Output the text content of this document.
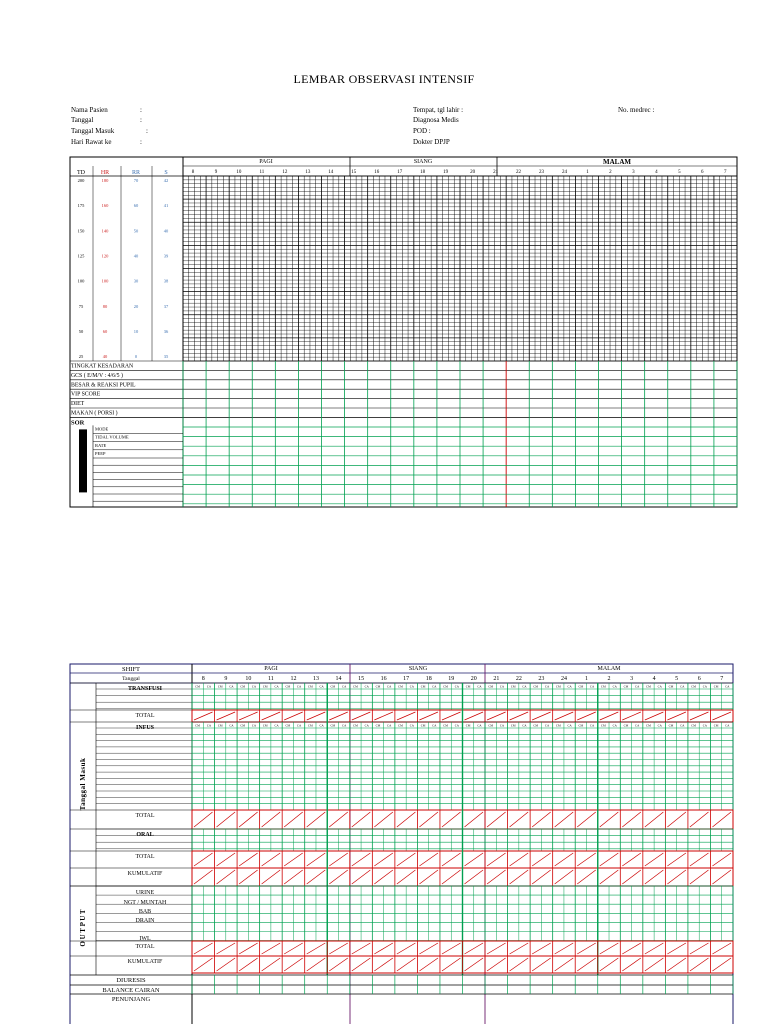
LEMBAR OBSERVASI INTENSIF
Nama Pasien	:
Tanggal	:
Tanggal Masuk	:
Hari Rawat ke	:
Tempat, tgl lahir :
Diagnosa Medis
POD :
Dokter DPJP
No. medrec :
PAGI	SIANG	MALAM
8	9	10	11	12	13	14	15	16	17	18	19	20	21	22	23	24	1	2	3	4	5	6	7
TD	HR	RR	S
200	180	70	42
175	160	60	41
150	140	50	40
125	120	40	39
100	100	30	38
75	80	20	37
50	60	10	36
25	40	0	35
TINGKAT KESADARAN
GCS ( E/M/V : 4/6/5 )
BESAR & REAKSI PUPIL
VIP SCORE
DIET
MAKAN ( PORSI )
SOR
MODE
TIDAL VOLUME
RATE
PEEP
SHIFT
Tanggal
PAGI	SIANG	MALAM
8	9	10	11	12	13	14	15	16	17	18	19	20	21	22	23	24	1	2	3	4	5	6	7
Tanggal Masuk
TRANSFUSI	CM CA CM CA CM CA CM CA CM CA CM CA CM CA CM CA CM CA CM CA CM CA CM CA CM CA CM CA CM CA CM CA CM CA CM CA CM CA CM CA CM CA CM CA CM CA CM CA
TOTAL
INFUS	CM CA CM CA CM CA CM CA CM CA CM CA CM CA CM CA CM CA CM CA CM CA CM CA CM CA CM CA CM CA CM CA CM CA CM CA CM CA CM CA CM CA CM CA CM CA CM CA
TOTAL
ORAL
TOTAL
KUMULATIF
O U T P U T
URINE
NGT / MUNTAH
BAB
DRAIN
IWL
TOTAL
KUMULATIF
DIURESIS
BALANCE CAIRAN
PENUNJANG
